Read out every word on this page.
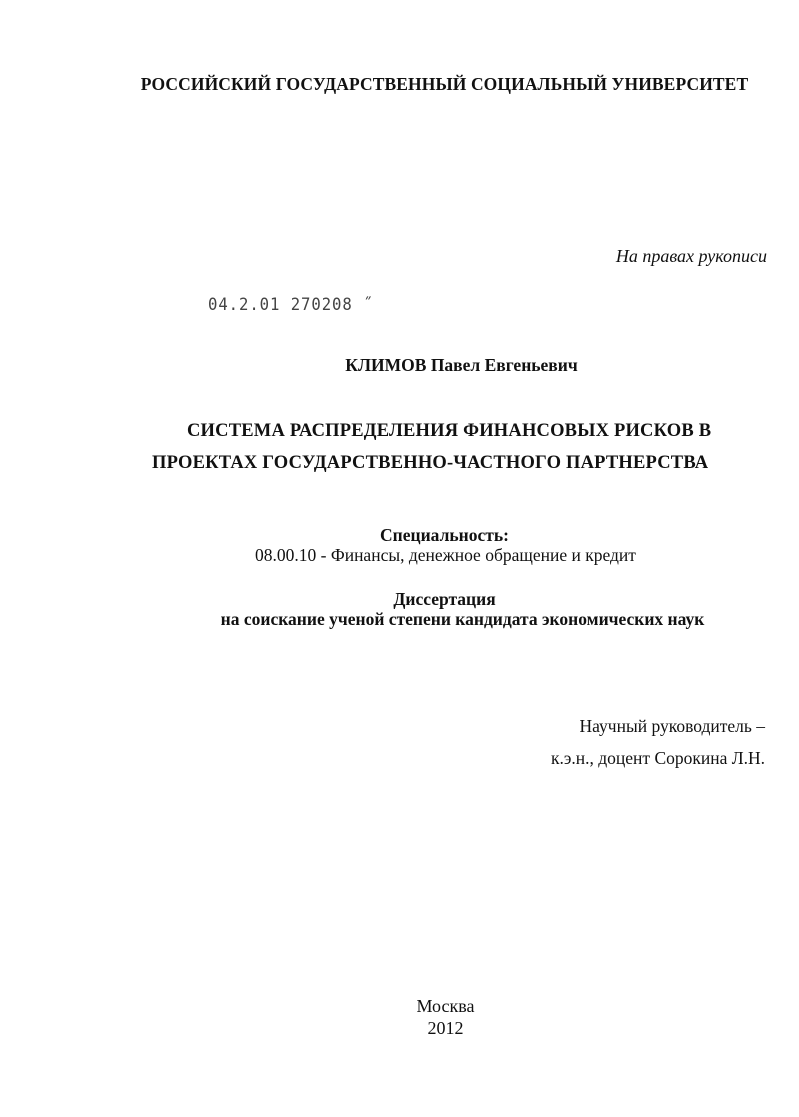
РОССИЙСКИЙ ГОСУДАРСТВЕННЫЙ СОЦИАЛЬНЫЙ УНИВЕРСИТЕТ
На правах рукописи
04.2.01 270208 ˝
КЛИМОВ Павел Евгеньевич
СИСТЕМА РАСПРЕДЕЛЕНИЯ ФИНАНСОВЫХ РИСКОВ В
ПРОЕКТАХ ГОСУДАРСТВЕННО-ЧАСТНОГО ПАРТНЕРСТВА
Специальность:
08.00.10 - Финансы, денежное обращение и кредит
Диссертация
на соискание ученой степени кандидата экономических наук
Научный руководитель –
к.э.н., доцент Сорокина Л.Н.
Москва
2012
